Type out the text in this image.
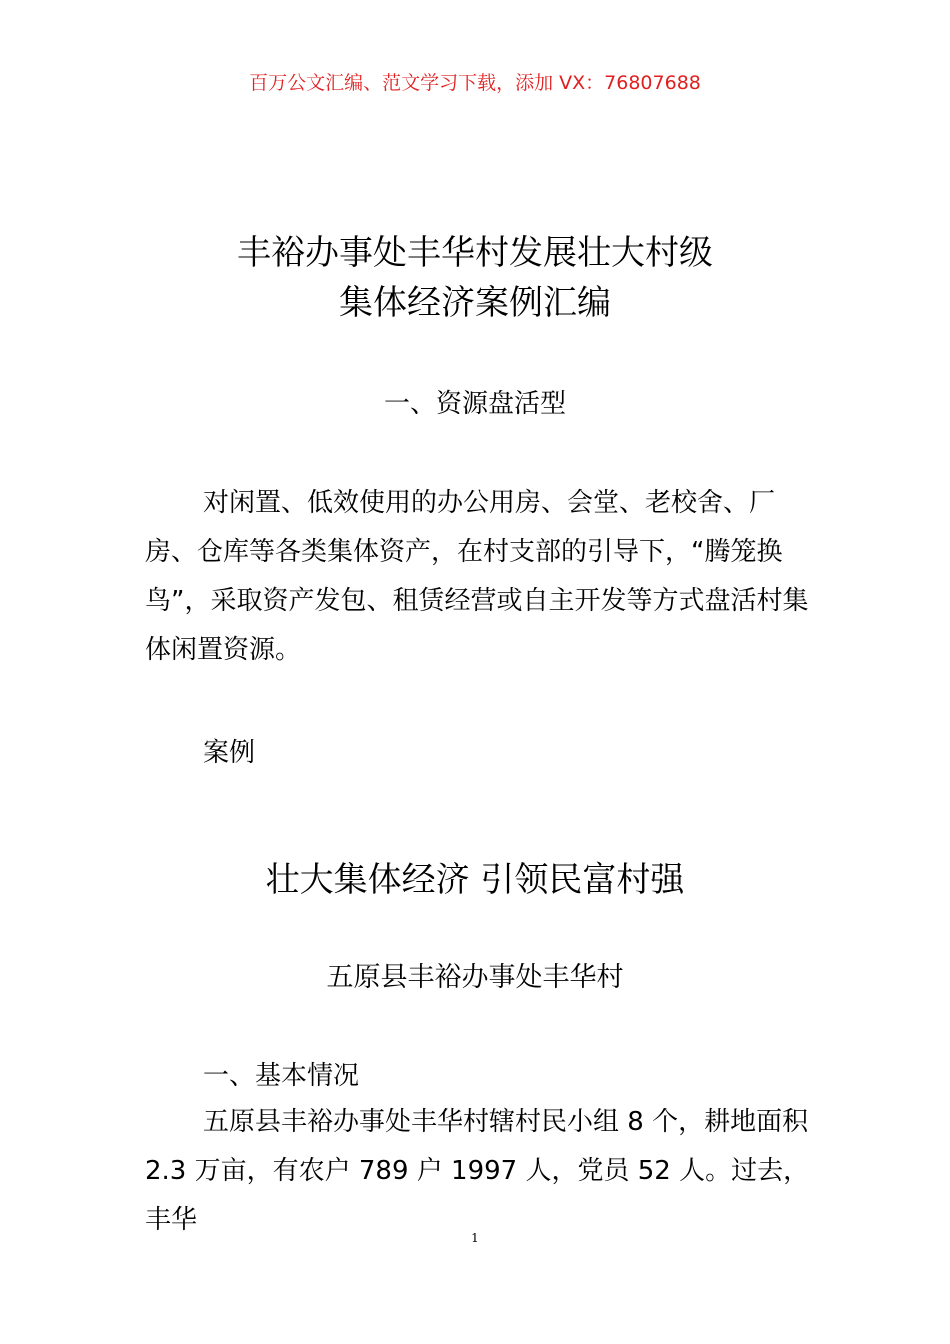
百万公文汇编、范文学习下载，添加 VX：76807688
丰裕办事处丰华村发展壮大村级
集体经济案例汇编
一、资源盘活型
对闲置、低效使用的办公用房、会堂、老校舍、厂房、仓库等各类集体资产，在村支部的引导下，“腾笼换鸟”，采取资产发包、租赁经营或自主开发等方式盘活村集体闲置资源。
案例
壮大集体经济 引领民富村强
五原县丰裕办事处丰华村
一、基本情况
五原县丰裕办事处丰华村辖村民小组 8 个，耕地面积 2.3 万亩，有农户 789 户 1997 人，党员 52 人。过去，丰华
1
